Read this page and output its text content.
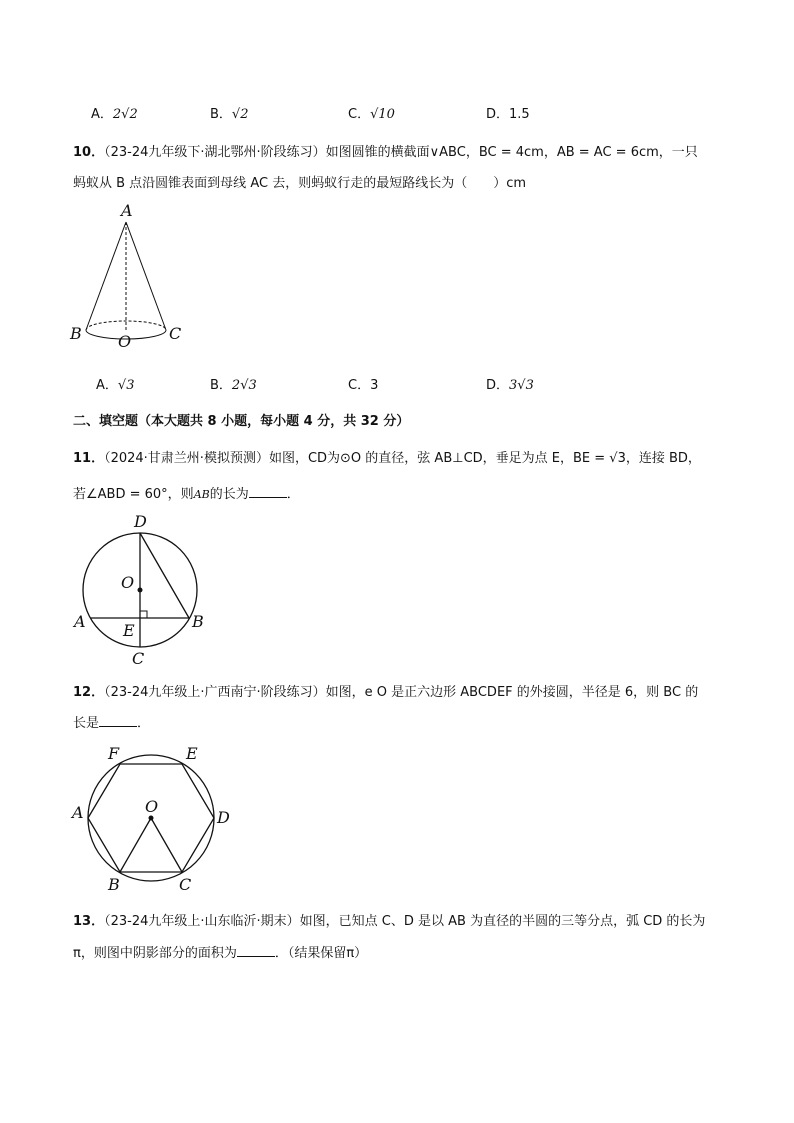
A．2√2	B．√2	C．√10	D．1.5
10．（23-24九年级下·湖北鄂州·阶段练习）如图圆锥的横截面∨ABC，BC = 4cm，AB = AC = 6cm，一只
蚂蚁从 B 点沿圆锥表面到母线 AC 去，则蚂蚁行走的最短路线长为（ ）cm
A
B	C
O
A．√3	B．2√3	C．3	D．3√3
二、填空题（本大题共 8 小题，每小题 4 分，共 32 分）
11．（2024·甘肃兰州·模拟预测）如图，CD为⊙O 的直径，弦 AB⊥CD，垂足为点 E，BE = √3，连接 BD，
若∠ABD = 60°，则AB的长为	．
D
O
A	B
E
C
12．（23-24九年级上·广西南宁·阶段练习）如图，e O 是正六边形 ABCDEF 的外接圆，半径是 6，则 BC 的
长是	．
F	E
A	O
D
B	C
13．（23-24九年级上·山东临沂·期末）如图，已知点 C、D 是以 AB 为直径的半圆的三等分点，弧 CD 的长为
π，则图中阴影部分的面积为	．（结果保留π）
